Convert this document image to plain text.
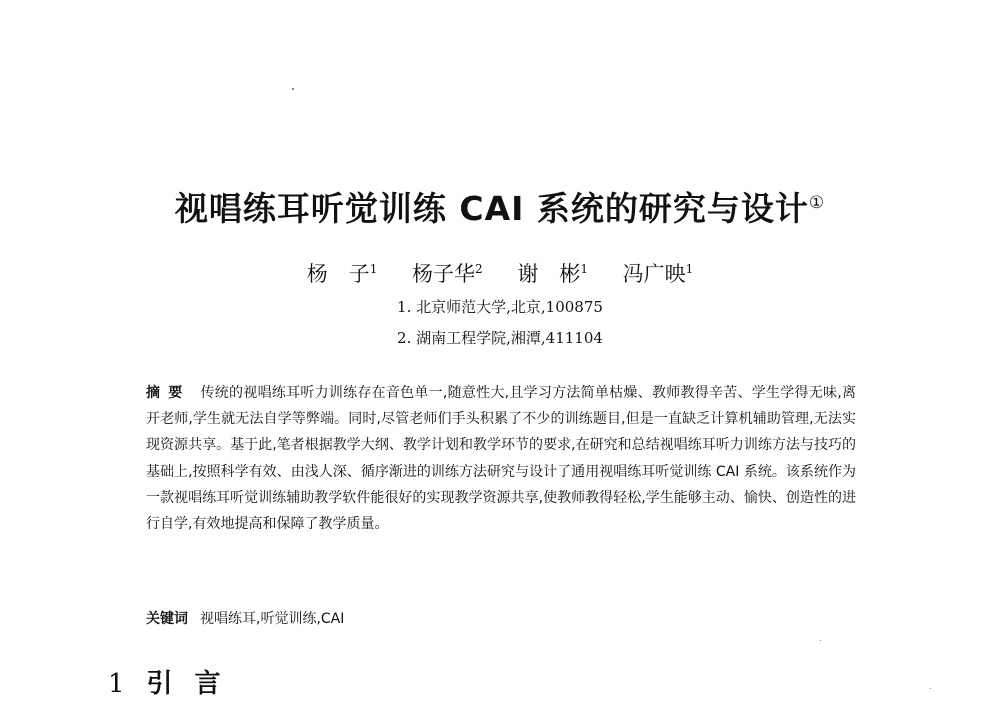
视唱练耳听觉训练 CAI 系统的研究与设计①
杨　子$^1$ 杨子华$^2$ 谢　彬$^1$ 冯广映$^1$
1. 北京师范大学,北京,100875
2. 湖南工程学院,湘潭,411104
摘要 传统的视唱练耳听力训练存在音色单一,随意性大,且学习方法简单枯燥、教师教得辛苦、学生学得无味,离开老师,学生就无法自学等弊端。同时,尽管老师们手头积累了不少的训练题目,但是一直缺乏计算机辅助管理,无法实现资源共享。基于此,笔者根据教学大纲、教学计划和教学环节的要求,在研究和总结视唱练耳听力训练方法与技巧的基础上,按照科学有效、由浅人深、循序渐进的训练方法研究与设计了通用视唱练耳听觉训练 CAI 系统。该系统作为一款视唱练耳听觉训练辅助教学软件能很好的实现教学资源共享,使教师教得轻松,学生能够主动、愉快、创造性的进行自学,有效地提高和保障了教学质量。
关键词 视唱练耳,听觉训练,CAI
1 引言
